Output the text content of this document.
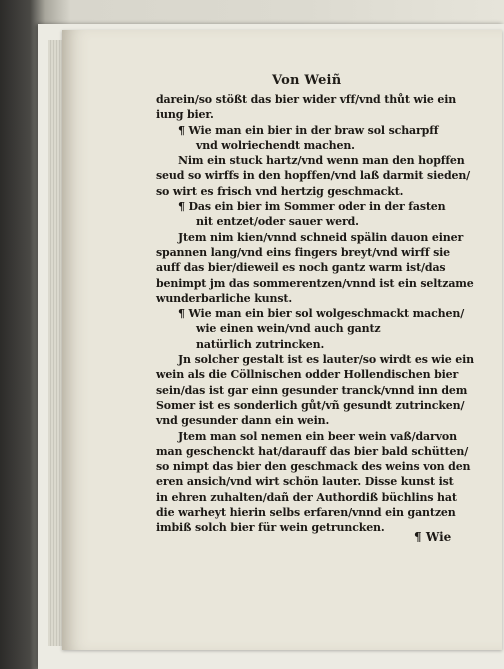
Von Weiñ
darein/so stößt das bier wider vff/vnd thůt wie ein
iung bier.
¶ Wie man ein bier in der braw sol scharpff
vnd wolriechendt machen.
Nim ein stuck hartz/vnd wenn man den hopffen
seud so wirffs in den hopffen/vnd laß darmit sieden/
so wirt es frisch vnd hertzig geschmackt.
¶ Das ein bier im Sommer oder in der fasten
nit entzet/oder sauer werd.
Jtem nim kien/vnnd schneid spälin dauon einer
spannen lang/vnd eins fingers breyt/vnd wirff sie
auff das bier/dieweil es noch gantz warm ist/das
benimpt jm das sommerentzen/vnnd ist ein seltzame
wunderbarliche kunst.
¶ Wie man ein bier sol wolgeschmackt machen/
wie einen wein/vnd auch gantz
natürlich zutrincken.
Jn solcher gestalt ist es lauter/so wirdt es wie ein
wein als die Cöllnischen odder Hollendischen bier
sein/das ist gar einn gesunder tranck/vnnd inn dem
Somer ist es sonderlich gůt/vñ gesundt zutrincken/
vnd gesunder dann ein wein.
Jtem man sol nemen ein beer wein vaß/darvon
man geschenckt hat/darauff das bier bald schütten/
so nimpt das bier den geschmack des weins von den
eren ansich/vnd wirt schön lauter. Disse kunst ist
in ehren zuhalten/dañ der Authordiß büchlins hat
die warheyt hierin selbs erfaren/vnnd ein gantzen
imbiß solch bier für wein getruncken.
¶ Wie
